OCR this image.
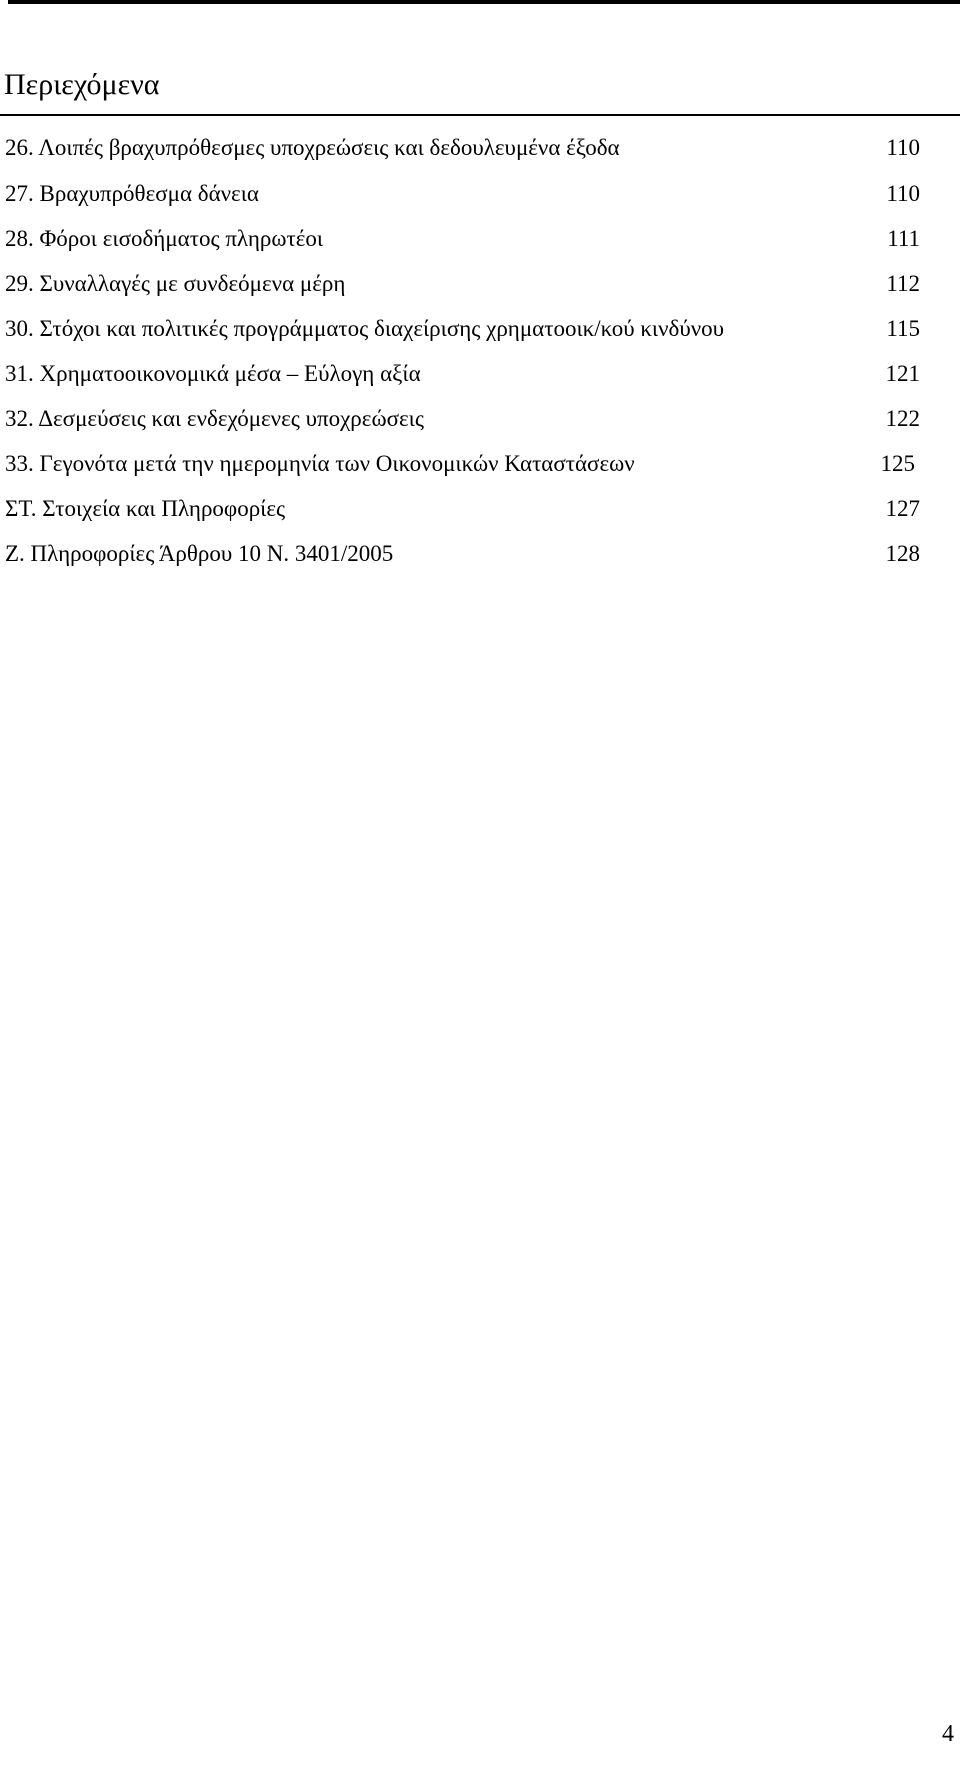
Περιεχόμενα
26. Λοιπές βραχυπρόθεσμες υποχρεώσεις και δεδουλευμένα έξοδα	110
27. Βραχυπρόθεσμα δάνεια	110
28. Φόροι εισοδήματος πληρωτέοι	111
29. Συναλλαγές με συνδεόμενα μέρη	112
30. Στόχοι και πολιτικές προγράμματος διαχείρισης χρηματοοικ/κού κινδύνου	115
31. Χρηματοοικονομικά μέσα – Εύλογη αξία	121
32. Δεσμεύσεις και ενδεχόμενες υποχρεώσεις	122
33. Γεγονότα μετά την ημερομηνία των Οικονομικών Καταστάσεων	125
ΣΤ. Στοιχεία και Πληροφορίες	127
Ζ. Πληροφορίες Άρθρου 10 Ν. 3401/2005	128
4
